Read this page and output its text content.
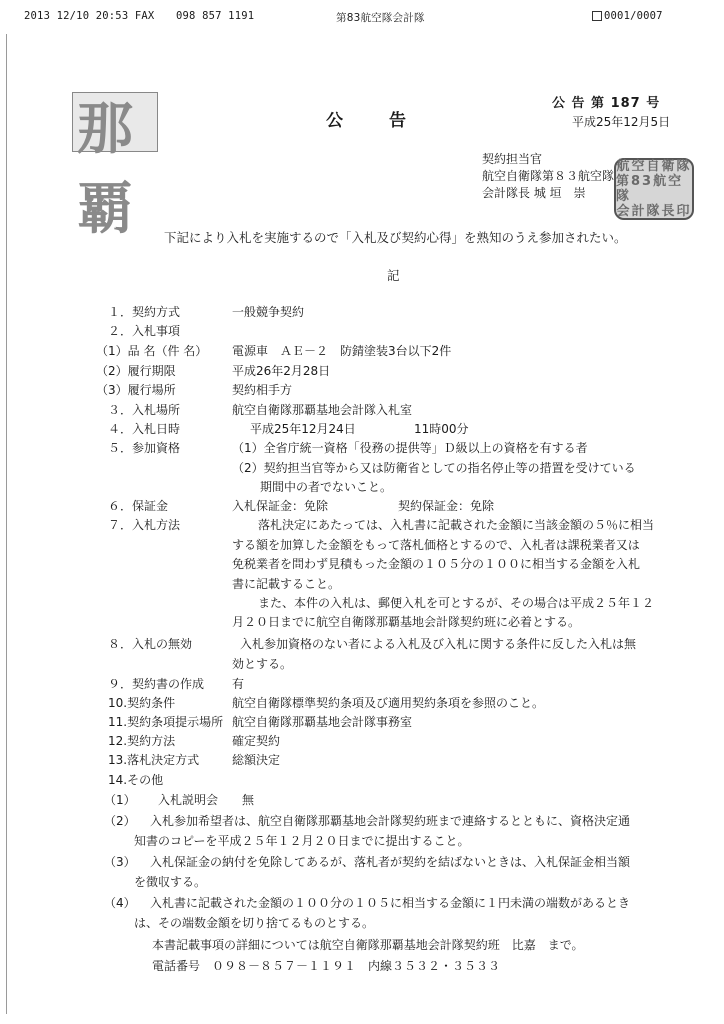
2013 12/10 20:53 FAX 098 857 1191	第83航空隊会計隊	0001/0007
那覇
公　　告
公 告 第 187 号
平成25年12月5日
契約担当官
航空自衛隊第８３航空隊
会計隊長 城 垣　崇
航空自衛隊
第83航空隊
会計隊長印
下記により入札を実施するので「入札及び契約心得」を熟知のうえ参加されたい。
記
１．契約方式	一般競争契約
２．入札事項
（1）品 名（件 名） 電源車　ＡＥ－２　防錆塗装3台以下2件
（2）履行期限	平成26年2月28日
（3）履行場所	契約相手方
３．入札場所	航空自衛隊那覇基地会計隊入札室
４．入札日時	平成25年12月24日	11時00分
５．参加資格	（1）全省庁統一資格「役務の提供等」Ｄ級以上の資格を有する者
（2）契約担当官等から又は防衛省としての指名停止等の措置を受けている
期間中の者でないこと。
６．保証金	入札保証金：免除	契約保証金：免除
７．入札方法	落札決定にあたっては、入札書に記載された金額に当該金額の５％に相当
する額を加算した金額をもって落札価格とするので、入札者は課税業者又は
免税業者を問わず見積もった金額の１０５分の１００に相当する金額を入札
書に記載すること。
また、本件の入札は、郵便入札を可とするが、その場合は平成２５年１２
月２０日までに航空自衛隊那覇基地会計隊契約班に必着とする。
８．入札の無効	入札参加資格のない者による入札及び入札に関する条件に反した入札は無
効とする。
９．契約書の作成 有
10.契約条件	航空自衛隊標準契約条項及び適用契約条項を参照のこと。
11.契約条項提示場所 航空自衛隊那覇基地会計隊事務室
12.契約方法	確定契約
13.落札決定方式	総額決定
14.その他
（1） 入札説明会　　無
（2） 入札参加希望者は、航空自衛隊那覇基地会計隊契約班まで連絡するとともに、資格決定通
知書のコピーを平成２５年１２月２０日までに提出すること。
（3） 入札保証金の納付を免除してあるが、落札者が契約を結ばないときは、入札保証金相当額
を徴収する。
（4） 入札書に記載された金額の１００分の１０５に相当する金額に１円未満の端数があるとき
は、その端数金額を切り捨てるものとする。
本書記載事項の詳細については航空自衛隊那覇基地会計隊契約班　比嘉　まで。
電話番号　０９８－８５７－１１９１　内線３５３２・３５３３
